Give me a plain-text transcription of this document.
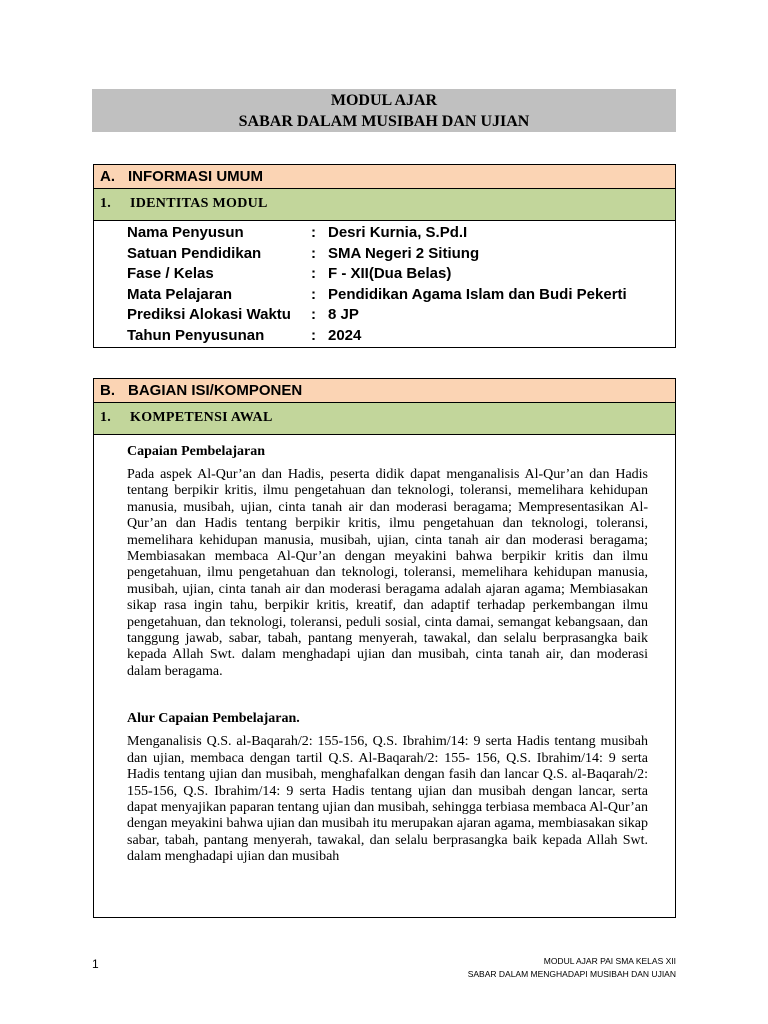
MODUL AJAR
SABAR DALAM MUSIBAH DAN UJIAN
A. INFORMASI UMUM
1.	IDENTITAS MODUL
Nama Penyusun	: Desri Kurnia, S.Pd.I
Satuan Pendidikan	: SMA Negeri 2 Sitiung
Fase / Kelas	: F - XII(Dua Belas)
Mata Pelajaran	: Pendidikan Agama Islam dan Budi Pekerti
Prediksi Alokasi Waktu	: 8 JP
Tahun Penyusunan	: 2024
B. BAGIAN ISI/KOMPONEN
1.	KOMPETENSI AWAL
Capaian Pembelajaran

Pada aspek Al-Qur’an dan Hadis, peserta didik dapat menganalisis Al-Qur’an dan Hadis tentang berpikir kritis, ilmu pengetahuan dan teknologi, toleransi, memelihara kehidupan manusia, musibah, ujian, cinta tanah air dan moderasi beragama; Mempresentasikan Al-Qur’an dan Hadis tentang berpikir kritis, ilmu pengetahuan dan teknologi, toleransi, memelihara kehidupan manusia, musibah, ujian, cinta tanah air dan moderasi beragama; Membiasakan membaca Al-Qur’an dengan meyakini bahwa berpikir kritis dan ilmu pengetahuan, ilmu pengetahuan dan teknologi, toleransi, memelihara kehidupan manusia, musibah, ujian, cinta tanah air dan moderasi beragama adalah ajaran agama; Membiasakan sikap rasa ingin tahu, berpikir kritis, kreatif, dan adaptif terhadap perkembangan ilmu pengetahuan, dan teknologi, toleransi, peduli sosial, cinta damai, semangat kebangsaan, dan tanggung jawab, sabar, tabah, pantang menyerah, tawakal, dan selalu berprasangka baik kepada Allah Swt. dalam menghadapi ujian dan musibah, cinta tanah air, dan moderasi dalam beragama.

Alur Capaian Pembelajaran.

Menganalisis Q.S. al-Baqarah/2: 155-156, Q.S. Ibrahim/14: 9 serta Hadis tentang musibah dan ujian, membaca dengan tartil Q.S. Al-Baqarah/2: 155- 156, Q.S. Ibrahim/14: 9 serta Hadis tentang ujian dan musibah, menghafalkan dengan fasih dan lancar Q.S. al-Baqarah/2: 155-156, Q.S. Ibrahim/14: 9 serta Hadis tentang ujian dan musibah dengan lancar, serta dapat menyajikan paparan tentang ujian dan musibah, sehingga terbiasa membaca Al-Qur’an dengan meyakini bahwa ujian dan musibah itu merupakan ajaran agama, membiasakan sikap sabar, tabah, pantang menyerah, tawakal, dan selalu berprasangka baik kepada Allah Swt. dalam menghadapi ujian dan musibah

1	MODUL AJAR PAI SMA KELAS XII
SABAR DALAM MENGHADAPI MUSIBAH DAN UJIAN
